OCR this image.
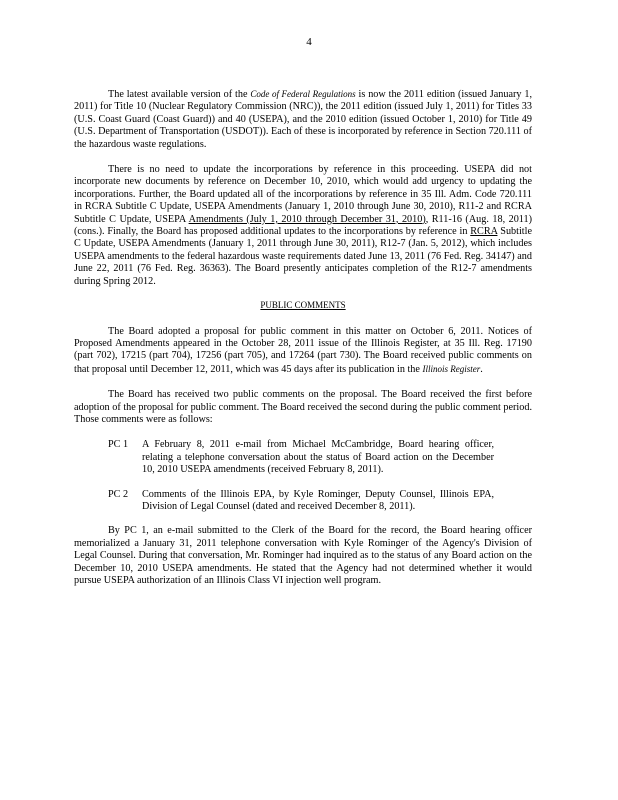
4

The latest available version of the Code of Federal Regulations is now the 2011 edition (issued January 1, 2011) for Title 10 (Nuclear Regulatory Commission (NRC)), the 2011 edition (issued July 1, 2011) for Titles 33 (U.S. Coast Guard (Coast Guard)) and 40 (USEPA), and the 2010 edition (issued October 1, 2010) for Title 49 (U.S. Department of Transportation (USDOT)). Each of these is incorporated by reference in Section 720.111 of the hazardous waste regulations.

There is no need to update the incorporations by reference in this proceeding. USEPA did not incorporate new documents by reference on December 10, 2010, which would add urgency to updating the incorporations. Further, the Board updated all of the incorporations by reference in 35 Ill. Adm. Code 720.111 in RCRA Subtitle C Update, USEPA Amendments (January 1, 2010 through June 30, 2010), R11-2 and RCRA Subtitle C Update, USEPA Amendments (July 1, 2010 through December 31, 2010), R11-16 (Aug. 18, 2011) (cons.). Finally, the Board has proposed additional updates to the incorporations by reference in RCRA Subtitle C Update, USEPA Amendments (January 1, 2011 through June 30, 2011), R12-7 (Jan. 5, 2012), which includes USEPA amendments to the federal hazardous waste requirements dated June 13, 2011 (76 Fed. Reg. 34147) and June 22, 2011 (76 Fed. Reg. 36363). The Board presently anticipates completion of the R12-7 amendments during Spring 2012.

PUBLIC COMMENTS

The Board adopted a proposal for public comment in this matter on October 6, 2011. Notices of Proposed Amendments appeared in the October 28, 2011 issue of the Illinois Register, at 35 Ill. Reg. 17190 (part 702), 17215 (part 704), 17256 (part 705), and 17264 (part 730). The Board received public comments on that proposal until December 12, 2011, which was 45 days after its publication in the Illinois Register.

The Board has received two public comments on the proposal. The Board received the first before adoption of the proposal for public comment. The Board received the second during the public comment period. Those comments were as follows:

PC 1	A February 8, 2011 e-mail from Michael McCambridge, Board hearing officer, relating a telephone conversation about the status of Board action on the December 10, 2010 USEPA amendments (received February 8, 2011).
PC 2	Comments of the Illinois EPA, by Kyle Rominger, Deputy Counsel, Illinois EPA, Division of Legal Counsel (dated and received December 8, 2011).

By PC 1, an e-mail submitted to the Clerk of the Board for the record, the Board hearing officer memorialized a January 31, 2011 telephone conversation with Kyle Rominger of the Agency's Division of Legal Counsel. During that conversation, Mr. Rominger had inquired as to the status of any Board action on the December 10, 2010 USEPA amendments. He stated that the Agency had not determined whether it would pursue USEPA authorization of an Illinois Class VI injection well program.
